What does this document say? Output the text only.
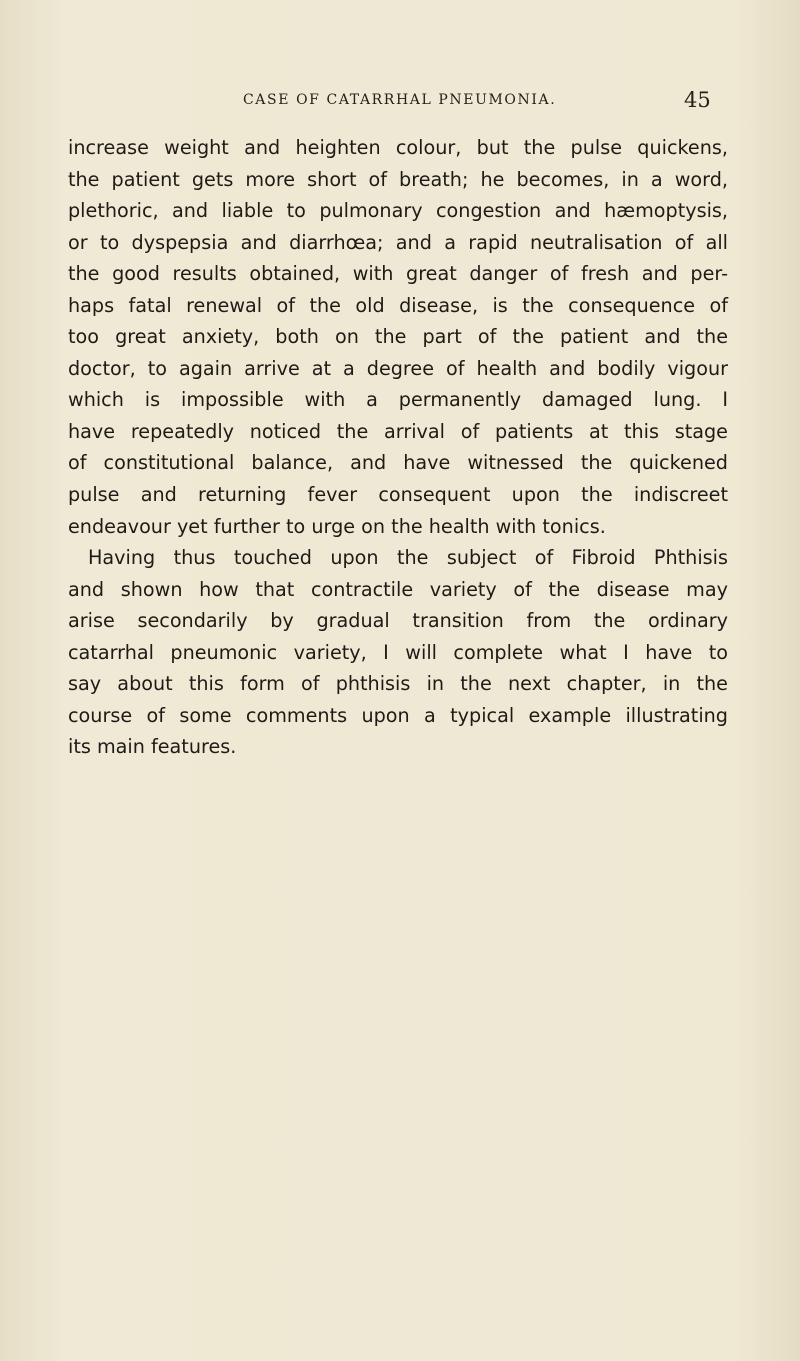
CASE OF CATARRHAL PNEUMONIA.	45
increase weight and heighten colour, but the pulse quickens,
the patient gets more short of breath; he becomes, in a word,
plethoric, and liable to pulmonary congestion and hæmoptysis,
or to dyspepsia and diarrhœa; and a rapid neutralisation of all
the good results obtained, with great danger of fresh and per-
haps fatal renewal of the old disease, is the consequence of
too great anxiety, both on the part of the patient and the
doctor, to again arrive at a degree of health and bodily vigour
which is impossible with a permanently damaged lung. I
have repeatedly noticed the arrival of patients at this stage
of constitutional balance, and have witnessed the quickened
pulse and returning fever consequent upon the indiscreet
endeavour yet further to urge on the health with tonics.
Having thus touched upon the subject of Fibroid Phthisis
and shown how that contractile variety of the disease may
arise secondarily by gradual transition from the ordinary
catarrhal pneumonic variety, I will complete what I have to
say about this form of phthisis in the next chapter, in the
course of some comments upon a typical example illustrating
its main features.
